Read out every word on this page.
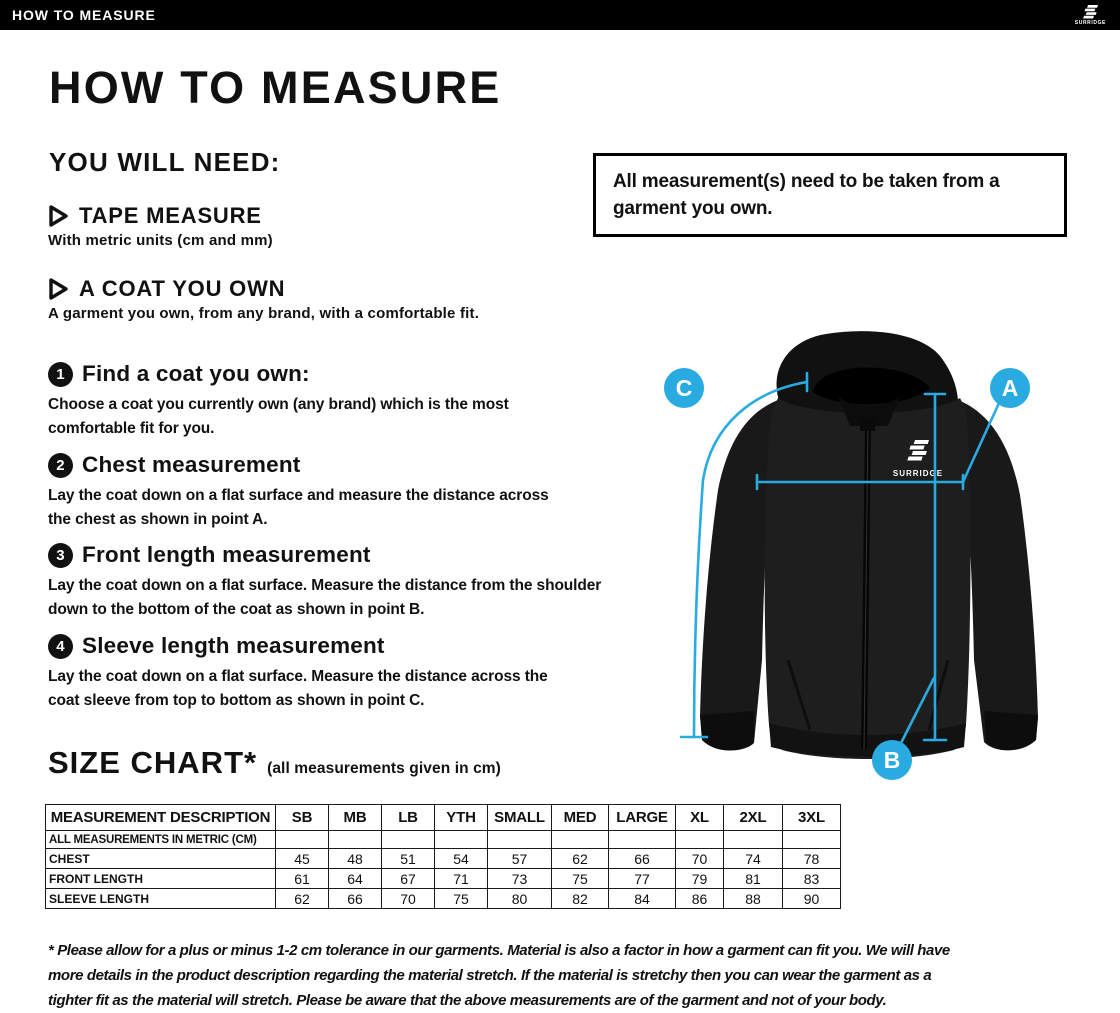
HOW TO MEASURE	SURRIDGE
HOW TO MEASURE
YOU WILL NEED:
TAPE MEASURE
With metric units (cm and mm)
A COAT YOU OWN
A garment you own, from any brand, with a comfortable fit.
1 Find a coat you own:
Choose a coat you currently own (any brand) which is the most
comfortable fit for you.
2 Chest measurement
Lay the coat down on a flat surface and measure the distance across
the chest as shown in point A.
3 Front length measurement
Lay the coat down on a flat surface. Measure the distance from the shoulder
down to the bottom of the coat as shown in point B.
4 Sleeve length measurement
Lay the coat down on a flat surface. Measure the distance across the
coat sleeve from top to bottom as shown in point C.
All measurement(s) need to be taken from a
garment you own.
SURRIDGE
A
B
C
SIZE CHART* (all measurements given in cm)
MEASUREMENT DESCRIPTION	SB	MB	LB	YTH	SMALL	MED	LARGE	XL	2XL	3XL
ALL MEASUREMENTS IN METRIC (CM)										
CHEST	45	48	51	54	57	62	66	70	74	78
FRONT LENGTH	61	64	67	71	73	75	77	79	81	83
SLEEVE LENGTH	62	66	70	75	80	82	84	86	88	90
* Please allow for a plus or minus 1-2 cm tolerance in our garments. Material is also a factor in how a garment can fit you. We will have
more details in the product description regarding the material stretch. If the material is stretchy then you can wear the garment as a
tighter fit as the material will stretch. Please be aware that the above measurements are of the garment and not of your body.
